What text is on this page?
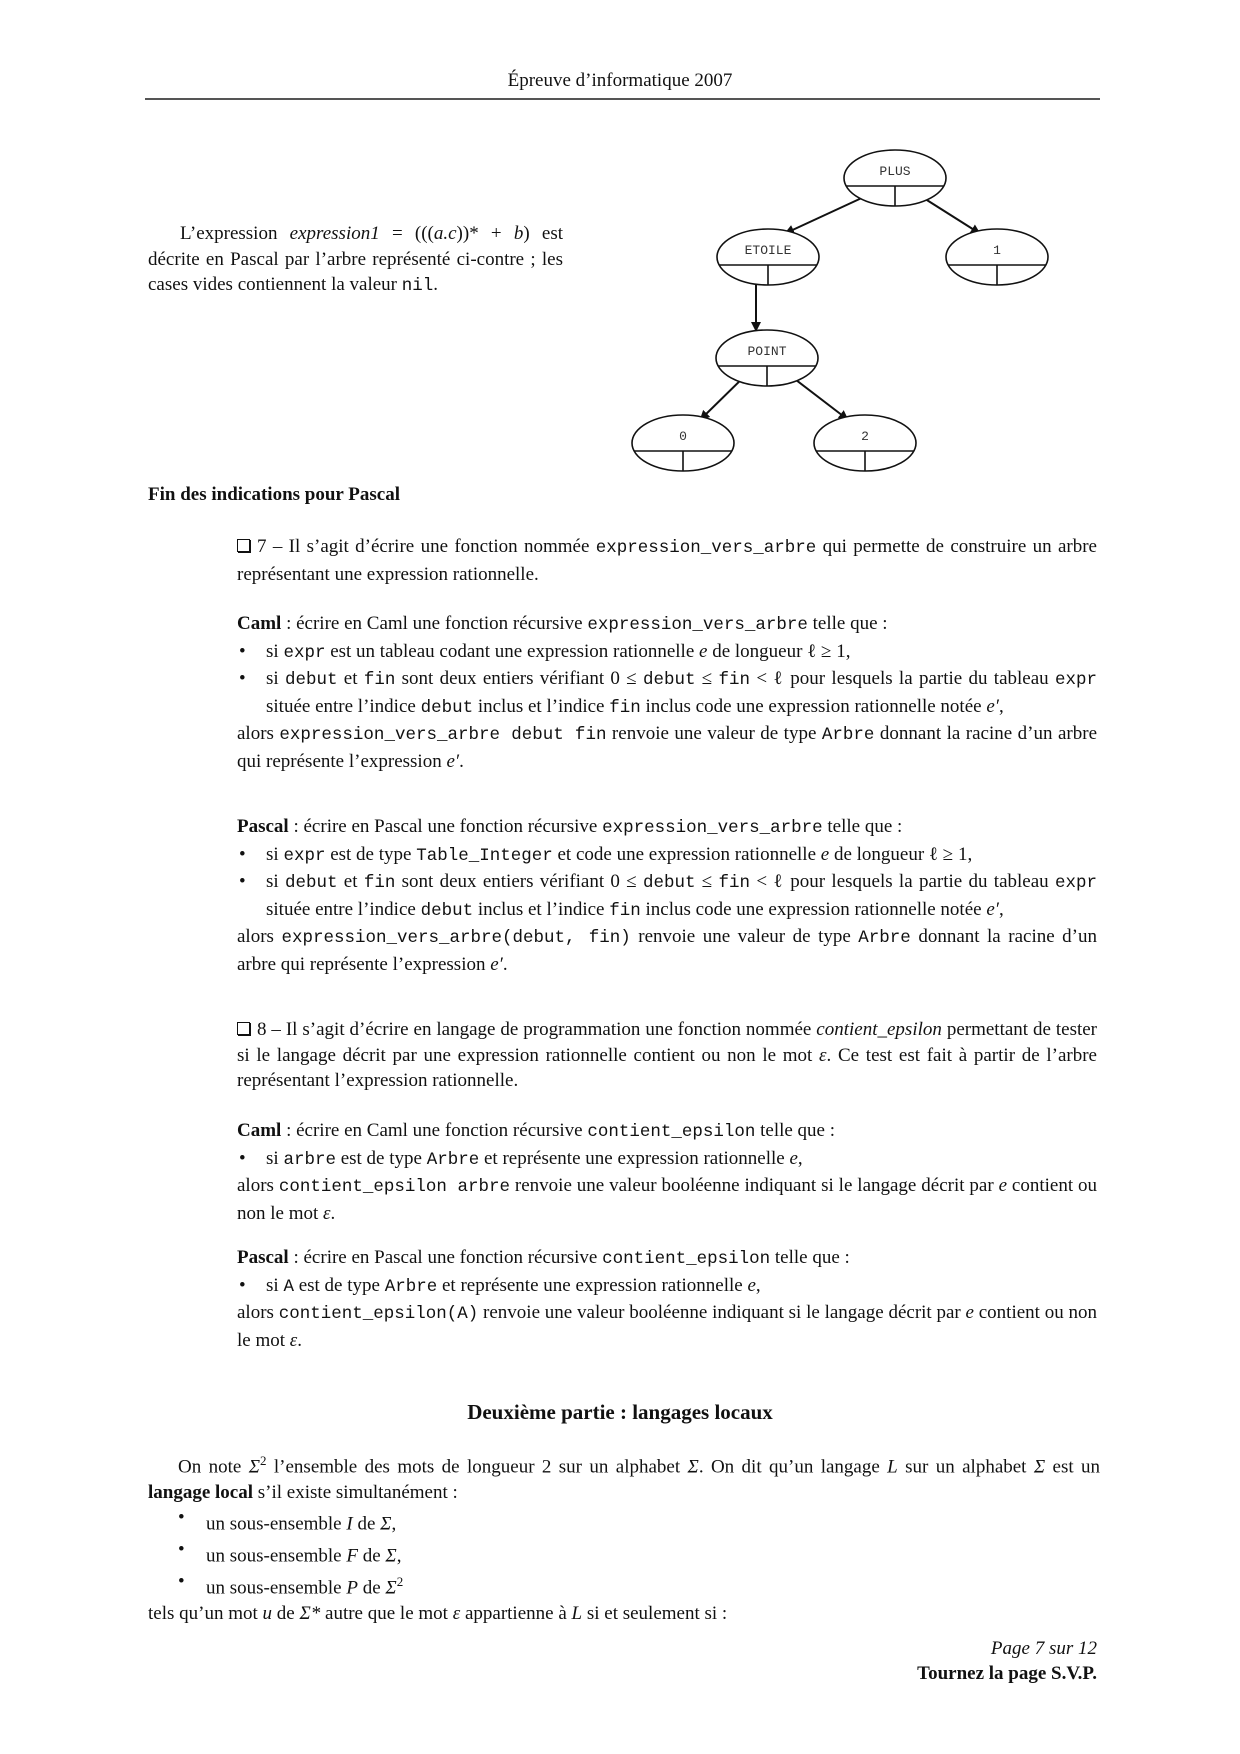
Épreuve d’informatique 2007
L’expression expression1 = (((a.c))* + b) est décrite en Pascal par l’arbre représenté ci-contre ; les cases vides contiennent la valeur nil.
PLUS
ETOILE	1
POINT
0	2
Fin des indications pour Pascal
7 – Il s’agit d’écrire une fonction nommée expression_vers_arbre qui permette de construire un arbre représentant une expression rationnelle.
Caml : écrire en Caml une fonction récursive expression_vers_arbre telle que :
• si expr est un tableau codant une expression rationnelle e de longueur ℓ ≥ 1,
• si debut et fin sont deux entiers vérifiant 0 ≤ debut ≤ fin < ℓ pour lesquels la partie du tableau expr située entre l’indice debut inclus et l’indice fin inclus code une expression rationnelle notée e′,
alors expression_vers_arbre debut fin renvoie une valeur de type Arbre donnant la racine d’un arbre qui représente l’expression e′.
Pascal : écrire en Pascal une fonction récursive expression_vers_arbre telle que :
• si expr est de type Table_Integer et code une expression rationnelle e de longueur ℓ ≥ 1,
• si debut et fin sont deux entiers vérifiant 0 ≤ debut ≤ fin < ℓ pour lesquels la partie du tableau expr située entre l’indice debut inclus et l’indice fin inclus code une expression rationnelle notée e′,
alors expression_vers_arbre(debut, fin) renvoie une valeur de type Arbre donnant la racine d’un arbre qui représente l’expression e′.
8 – Il s’agit d’écrire en langage de programmation une fonction nommée contient_epsilon permettant de tester si le langage décrit par une expression rationnelle contient ou non le mot ε. Ce test est fait à partir de l’arbre représentant l’expression rationnelle.
Caml : écrire en Caml une fonction récursive contient_epsilon telle que :
• si arbre est de type Arbre et représente une expression rationnelle e,
alors contient_epsilon arbre renvoie une valeur booléenne indiquant si le langage décrit par e contient ou non le mot ε.
Pascal : écrire en Pascal une fonction récursive contient_epsilon telle que :
• si A est de type Arbre et représente une expression rationnelle e,
alors contient_epsilon(A) renvoie une valeur booléenne indiquant si le langage décrit par e contient ou non le mot ε.
Deuxième partie : langages locaux
On note $\Sigma^2$ l’ensemble des mots de longueur 2 sur un alphabet Σ. On dit qu’un langage L sur un alphabet Σ est un langage local s’il existe simultanément :
• un sous-ensemble I de Σ,
• un sous-ensemble F de Σ,
• un sous-ensemble P de $\Sigma^2$
tels qu’un mot u de Σ* autre que le mot ε appartienne à L si et seulement si :
Page 7 sur 12
Tournez la page S.V.P.
